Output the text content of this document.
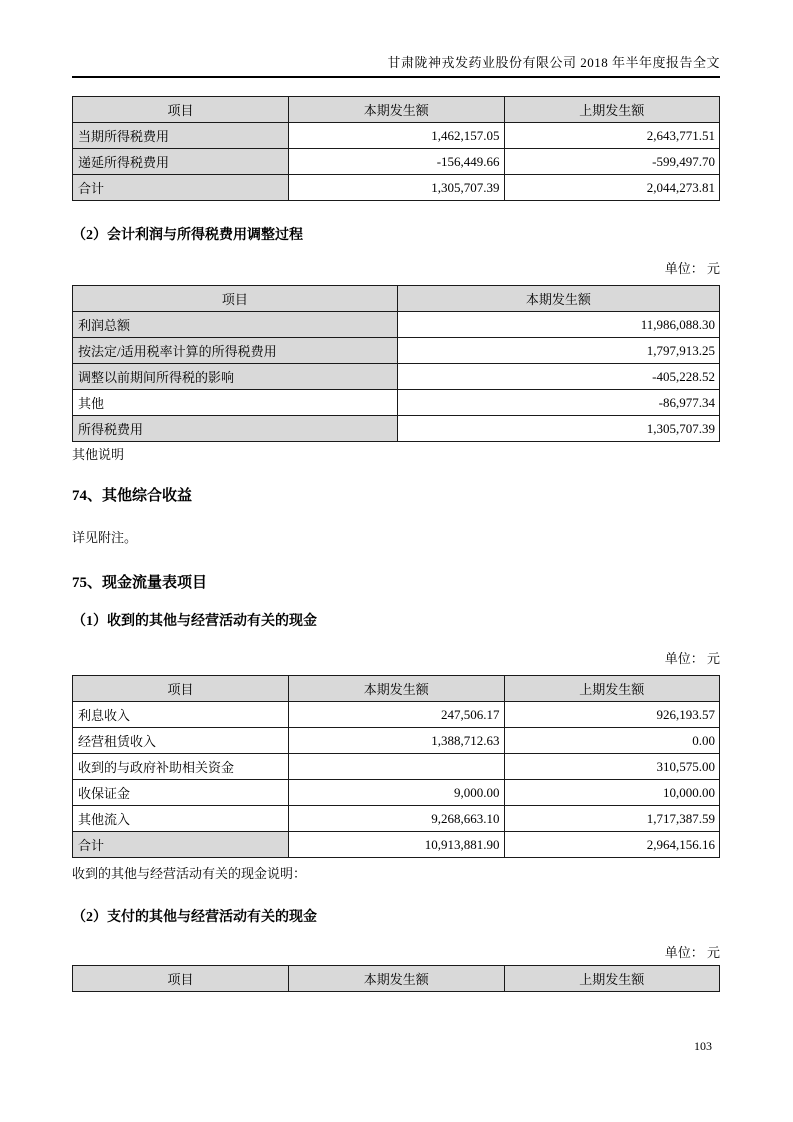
甘肃陇神戎发药业股份有限公司 2018 年半年度报告全文
项目	本期发生额	上期发生额
当期所得税费用	1,462,157.05	2,643,771.51
递延所得税费用	-156,449.66	-599,497.70
合计	1,305,707.39	2,044,273.81
（2）会计利润与所得税费用调整过程
单位： 元
项目	本期发生额
利润总额	11,986,088.30
按法定/适用税率计算的所得税费用	1,797,913.25
调整以前期间所得税的影响	-405,228.52
其他	-86,977.34
所得税费用	1,305,707.39
其他说明
74、其他综合收益
详见附注。
75、现金流量表项目
（1）收到的其他与经营活动有关的现金
单位： 元
项目	本期发生额	上期发生额
利息收入	247,506.17	926,193.57
经营租赁收入	1,388,712.63	0.00
收到的与政府补助相关资金		310,575.00
收保证金	9,000.00	10,000.00
其他流入	9,268,663.10	1,717,387.59
合计	10,913,881.90	2,964,156.16
收到的其他与经营活动有关的现金说明：
（2）支付的其他与经营活动有关的现金
单位： 元
项目	本期发生额	上期发生额
103
